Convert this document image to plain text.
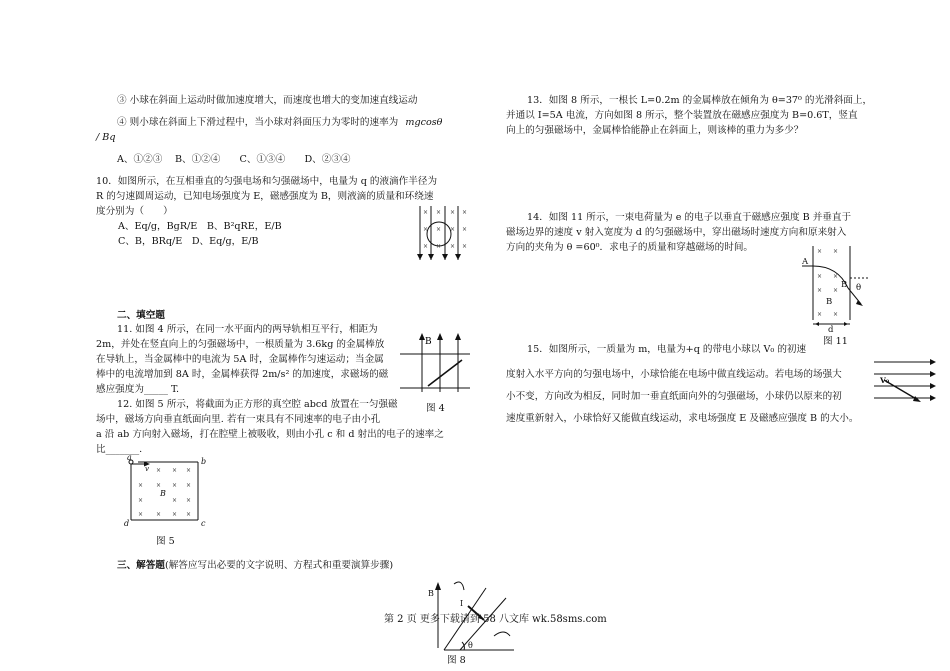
③ 小球在斜面上运动时做加速度增大，而速度也增大的变加速直线运动
④ 则小球在斜面上下滑过程中，当小球对斜面压力为零时的速率为 mgcosθ
/ Bq
A、①②③　 B、①②④　　C、①③④　　D、②③④
10．如图所示，在互相垂直的匀强电场和匀强磁场中，电量为 q 的液滴作半径为
R 的匀速圆周运动，已知电场强度为 E，磁感强度为 B，则液滴的质量和环绕速
度分别为（　　）
A、Eq/g，BgR/E　B、B²qRE，E/B
C、B，BRq/E　D、Eq/g，E/B
× × × ×
× × × ×
× × × ×
二、填空题
11. 如图 4 所示，在同一水平面内的两导轨相互平行，相距为
2m，并处在竖直向上的匀强磁场中，一根质量为 3.6kg 的金属棒放
在导轨上，当金属棒中的电流为 5A 时，金属棒作匀速运动；当金属
棒中的电流增加到 8A 时，金属棒获得 2m/s² 的加速度，求磁场的磁
感应强度为_____ T.
B
图 4
12. 如图 5 所示，将截面为正方形的真空腔 abcd 放置在一匀强磁
场中，磁场方向垂直纸面向里. 若有一束具有不同速率的电子由小孔
a 沿 ab 方向射入磁场，打在腔壁上被吸收，则由小孔 c 和 d 射出的电子的速率之
比_______.
× × ×
× × × ×
×	× ×
× × × ×
a	b
c
d
B
v
图 5
三、解答题(解答应写出必要的文字说明、方程式和重要演算步骤)
13．如图 8 所示，一根长 L=0.2m 的金属棒放在倾角为 θ=37⁰ 的光滑斜面上，
并通以 I=5A 电流，方向如图 8 所示，整个装置放在磁感应强度为 B=0.6T，竖直
向上的匀强磁场中，金属棒恰能静止在斜面上，则该棒的重力为多少？
14．如图 11 所示，一束电荷量为 e 的电子以垂直于磁感应强度 B 并垂直于
磁场边界的速度 v 射入宽度为 d 的匀强磁场中，穿出磁场时速度方向和原来射入
方向的夹角为 θ =60⁰．求电子的质量和穿越磁场的时间。	× ×
× ×
× ×
× ×
A
B
B
θ
d
图 11
15．如图所示，一质量为 m，电量为+q 的带电小球以 V₀ 的初速
度射入水平方向的匀强电场中，小球恰能在电场中做直线运动。若电场的场强大
小不变，方向改为相反，同时加一垂直纸面向外的匀强磁场，小球仍以原来的初
速度重新射入，小球恰好又能做直线运动，求电场强度 E 及磁感应强度 B 的大小。
V₀
B
I
θ
第 2 页 更多下载请到 58 八文库 wk.58sms.com
图 8
